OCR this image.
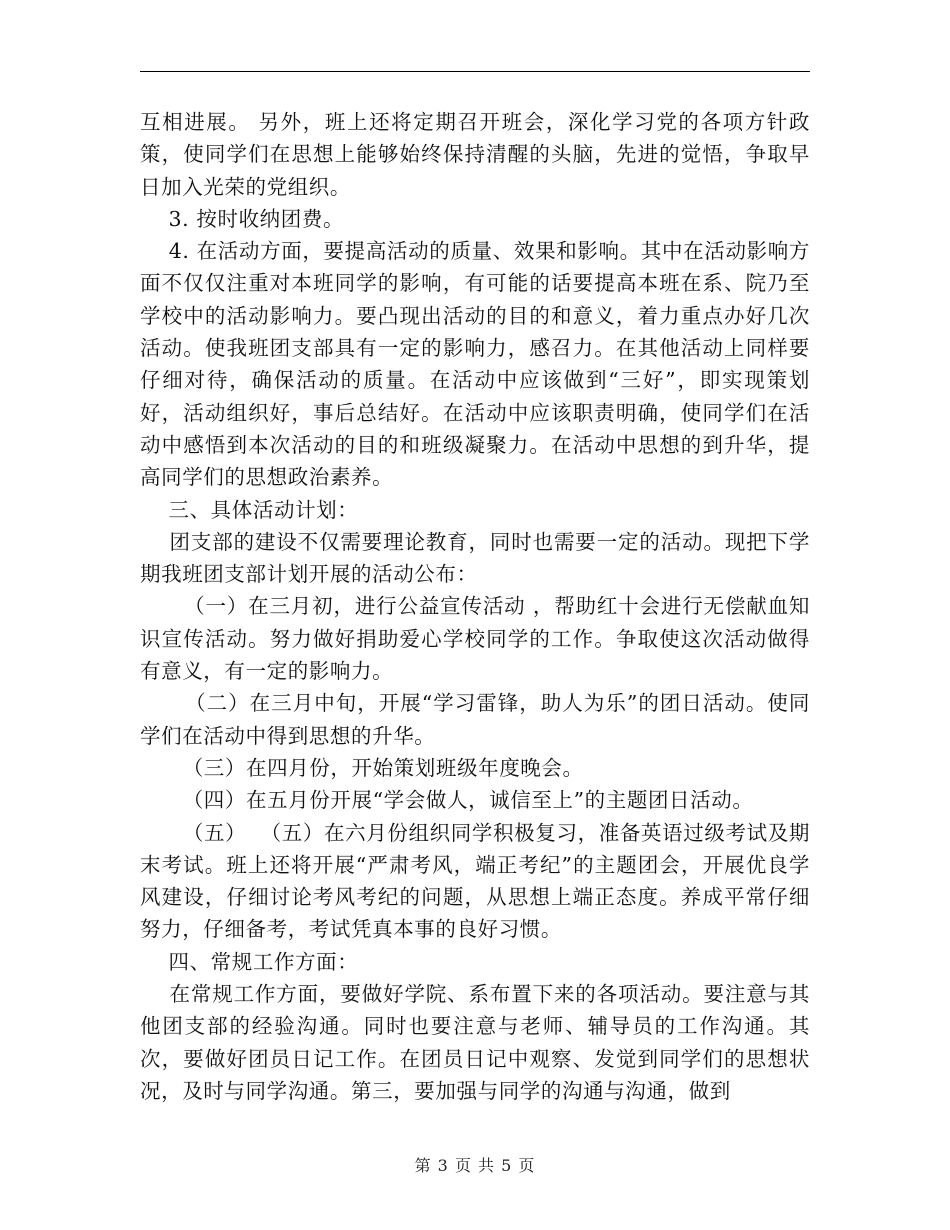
互相进展。 另外，班上还将定期召开班会，深化学习党的各项方针政策，使同学们在思想上能够始终保持清醒的头脑，先进的觉悟，争取早日加入光荣的党组织。

3. 按时收纳团费。

4. 在活动方面，要提高活动的质量、效果和影响。其中在活动影响方面不仅仅注重对本班同学的影响，有可能的话要提高本班在系、院乃至学校中的活动影响力。要凸现出活动的目的和意义，着力重点办好几次活动。使我班团支部具有一定的影响力，感召力。在其他活动上同样要仔细对待，确保活动的质量。在活动中应该做到“三好”，即实现策划好，活动组织好，事后总结好。在活动中应该职责明确，使同学们在活动中感悟到本次活动的目的和班级凝聚力。在活动中思想的到升华，提高同学们的思想政治素养。

三、具体活动计划：

团支部的建设不仅需要理论教育，同时也需要一定的活动。现把下学期我班团支部计划开展的活动公布：

（一）在三月初，进行公益宣传活动 ，帮助红十会进行无偿献血知识宣传活动。努力做好捐助爱心学校同学的工作。争取使这次活动做得有意义，有一定的影响力。

（二）在三月中旬，开展“学习雷锋，助人为乐”的团日活动。使同学们在活动中得到思想的升华。

（三）在四月份，开始策划班级年度晚会。

（四）在五月份开展“学会做人，诚信至上”的主题团日活动。

（五）  （五）在六月份组织同学积极复习，准备英语过级考试及期末考试。班上还将开展“严肃考风，端正考纪”的主题团会，开展优良学风建设，仔细讨论考风考纪的问题，从思想上端正态度。养成平常仔细努力，仔细备考，考试凭真本事的良好习惯。

四、常规工作方面：

在常规工作方面，要做好学院、系布置下来的各项活动。要注意与其他团支部的经验沟通。同时也要注意与老师、辅导员的工作沟通。其次，要做好团员日记工作。在团员日记中观察、发觉到同学们的思想状况，及时与同学沟通。第三，要加强与同学的沟通与沟通，做到

第 3 页 共 5 页
